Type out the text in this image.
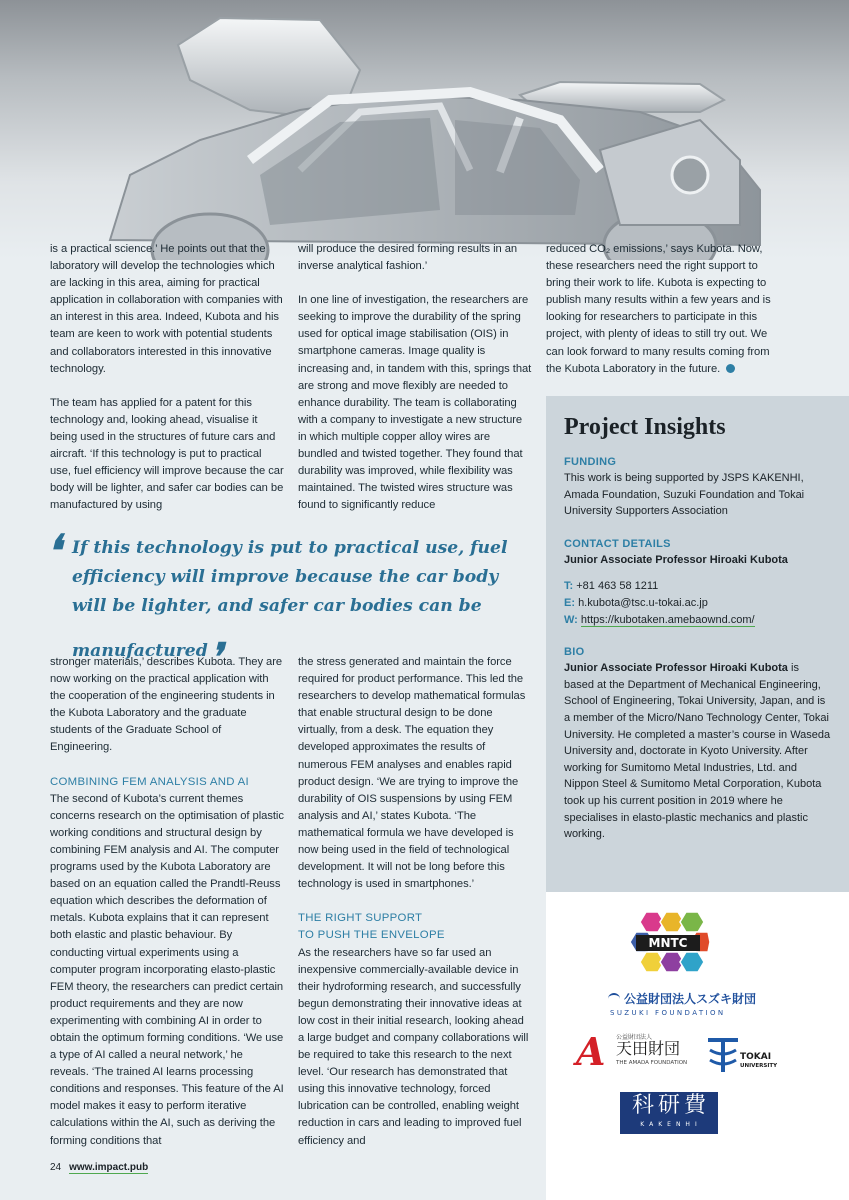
is a practical science.’ He points out that the laboratory will develop the technologies which are lacking in this area, aiming for practical application in collaboration with companies with an interest in this area. Indeed, Kubota and his team are keen to work with potential students and collaborators interested in this innovative technology.

The team has applied for a patent for this technology and, looking ahead, visualise it being used in the structures of future cars and aircraft. ‘If this technology is put to practical use, fuel efficiency will improve because the car body will be lighter, and safer car bodies can be manufactured by using

will produce the desired forming results in an inverse analytical fashion.’

In one line of investigation, the researchers are seeking to improve the durability of the spring used for optical image stabilisation (OIS) in smartphone cameras. Image quality is increasing and, in tandem with this, springs that are strong and move flexibly are needed to enhance durability. The team is collaborating with a company to investigate a new structure in which multiple copper alloy wires are bundled and twisted together. They found that durability was improved, while flexibility was maintained. The twisted wires structure was found to significantly reduce

reduced CO₂ emissions,’ says Kubota. Now, these researchers need the right support to bring their work to life. Kubota is expecting to publish many results within a few years and is looking for researchers to participate in this project, with plenty of ideas to still try out. We can look forward to many results coming from the Kubota Laboratory in the future.

❛ If this technology is put to practical use, fuel efficiency will improve because the car body will be lighter, and safer car bodies can be manufactured❜

stronger materials,’ describes Kubota. They are now working on the practical application with the cooperation of the engineering students in the Kubota Laboratory and the graduate students of the Graduate School of Engineering.

COMBINING FEM ANALYSIS AND AI

The second of Kubota’s current themes concerns research on the optimisation of plastic working conditions and structural design by combining FEM analysis and AI. The computer programs used by the Kubota Laboratory are based on an equation called the Prandtl-Reuss equation which describes the deformation of metals. Kubota explains that it can represent both elastic and plastic behaviour. By conducting virtual experiments using a computer program incorporating elasto-plastic FEM theory, the researchers can predict certain product requirements and they are now experimenting with combining AI in order to obtain the optimum forming conditions. ‘We use a type of AI called a neural network,’ he reveals. ‘The trained AI learns processing conditions and responses. This feature of the AI model makes it easy to perform iterative calculations within the AI, such as deriving the forming conditions that

the stress generated and maintain the force required for product performance. This led the researchers to develop mathematical formulas that enable structural design to be done virtually, from a desk. The equation they developed approximates the results of numerous FEM analyses and enables rapid product design. ‘We are trying to improve the durability of OIS suspensions by using FEM analysis and AI,’ states Kubota. ‘The mathematical formula we have developed is now being used in the field of technological development. It will not be long before this technology is used in smartphones.’

THE RIGHT SUPPORT
TO PUSH THE ENVELOPE

As the researchers have so far used an inexpensive commercially-available device in their hydroforming research, and successfully begun demonstrating their innovative ideas at low cost in their initial research, looking ahead a large budget and company collaborations will be required to take this research to the next level. ‘Our research has demonstrated that using this innovative technology, forced lubrication can be controlled, enabling weight reduction in cars and leading to improved fuel efficiency and

Project Insights
FUNDING
This work is being supported by JSPS KAKENHI, Amada Foundation, Suzuki Foundation and Tokai University Supporters Association
CONTACT DETAILS
Junior Associate Professor Hiroaki Kubota
T: +81 463 58 1211
E: h.kubota@tsc.u-tokai.ac.jp
W: https://kubotaken.amebaownd.com/
BIO
Junior Associate Professor Hiroaki Kubota is based at the Department of Mechanical Engineering, School of Engineering, Tokai University, Japan, and is a member of the Micro/Nano Technology Center, Tokai University. He completed a master’s course in Waseda University and, doctorate in Kyoto University. After working for Sumitomo Metal Industries, Ltd. and Nippon Steel & Sumitomo Metal Corporation, Kubota took up his current position in 2019 where he specialises in elasto-plastic mechanics and plastic working.
MNTC
公益財団法人スズキ財団
SUZUKI FOUNDATION
A 公益財団法人
天田財団
THE AMADA FOUNDATION
TOKAI
UNIVERSITY
科研費
KAKENHI
24 www.impact.pub
